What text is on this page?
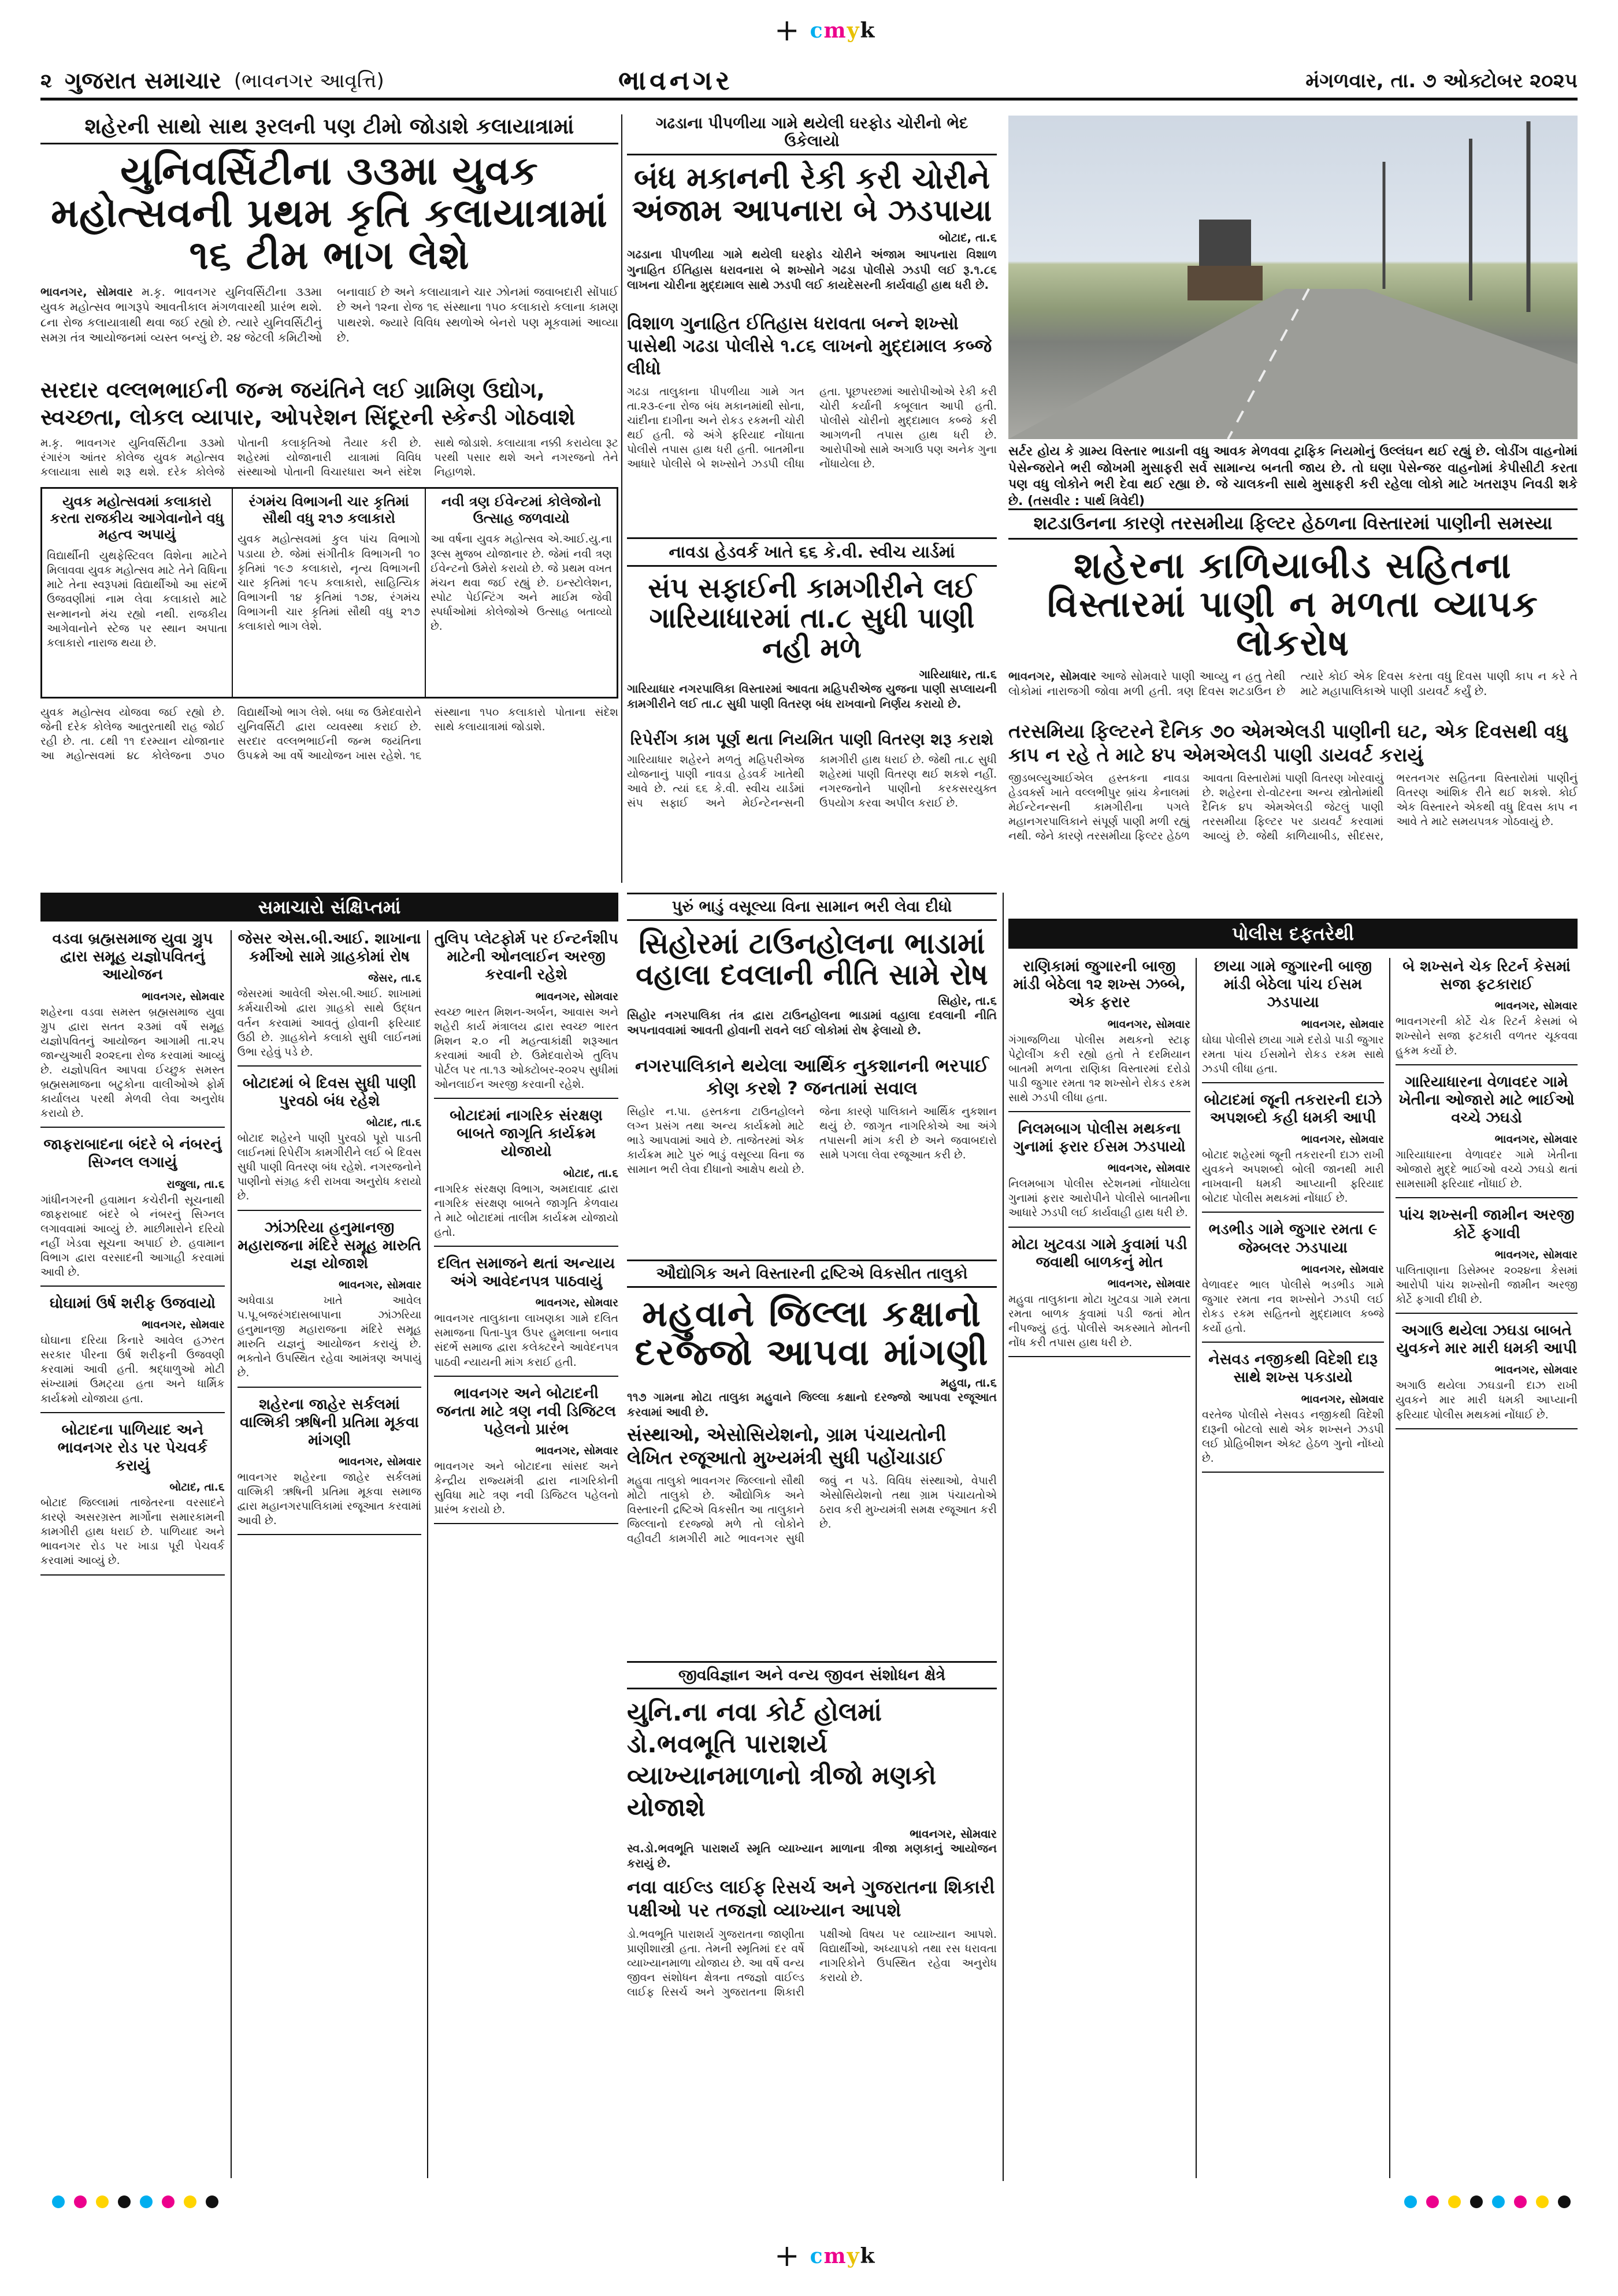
+ cmyk
૨ ગુજરાત સમાચાર (ભાવનગર આવૃત્તિ)	મંગળવાર, તા. ૭ ઓક્ટોબર ૨૦૨૫
ભાવનગર
શહેરની સાથો સાથ રૂરલની પણ ટીમો જોડાશે કલાયાત્રામાં
યુનિવર્સિટીના ૩૩મા યુવક મહોત્સવની પ્રથમ કૃતિ કલાયાત્રામાં ૧૬ ટીમ ભાગ લેશે
ભાવનગર, સોમવાર મ.કૃ. ભાવનગર યુનિવર્સિટીના ૩૩મા યુવક મહોત્સવ ભાગરૂપે આવતીકાલ મંગળવારથી પ્રારંભ થશે. ૮ના રોજ કલાયાત્રાથી થવા જઈ રહ્યો છે. ત્યારે યુનિવર્સિટીનું સમગ્ર તંત્ર આયોજનમાં વ્યસ્ત બન્યું છે. ૨૪ જેટલી કમિટીઓ બનાવાઈ છે અને કલાયાત્રાને ચાર ઝોનમાં જવાબદારી સોંપાઈ છે અને ૧૨ના રોજ ૧૬ સંસ્થાના ૧૫૦ કલાકારો કલાના કામણ પાથરશે. જ્યારે વિવિધ સ્થળોએ બેનરો પણ મૂકવામાં આવ્યા છે.
સરદાર વલ્લભભાઈની જન્મ જયંતિને લઈ ગ્રામિણ ઉદ્યોગ, સ્વચ્છતા, લોકલ વ્યાપાર, ઓપરેશન સિંદૂરની સ્કેન્ડી ગોઠવાશે
મ.કૃ. ભાવનગર યુનિવર્સિટીના ૩૩મો રંગારંગ આંતર કોલેજ યુવક મહોત્સવ કલાયાત્રા સાથે શરૂ થશે. દરેક કોલેજે પોતાની કલાકૃતિઓ તૈયાર કરી છે. શહેરમાં યોજાનારી યાત્રામાં વિવિધ સંસ્થાઓ પોતાની વિચારધારા અને સંદેશ સાથે જોડાશે. કલાયાત્રા નક્કી કરાયેલા રૂટ પરથી પસાર થશે અને નગરજનો તેને નિહાળશે.
યુવક મહોત્સવમાં કલાકારો કરતા રાજકીય આગેવાનોને વધુ મહત્વ અપાયું
વિદ્યાર્થીની યુથફેસ્ટિવલ વિશેના માટેને મિલાવવા યુવક મહોત્સવ માટે તેને વિધિના માટે તેના સ્વરૂપમાં વિદ્યાર્થીઓ આ સંદર્ભે ઉજવણીમાં નામ લેવા કલાકારો માટે સન્માનનો મંચ રહ્યો નથી. રાજકીય આગેવાનોને સ્ટેજ પર સ્થાન અપાતા કલાકારો નારાજ થયા છે.
રંગમંચ વિભાગની ચાર કૃતિમાં સૌથી વધુ ૨૧૭ કલાકારો
યુવક મહોત્સવમાં કુલ પાંચ વિભાગો પડાયા છે. જેમાં સંગીતીક વિભાગની ૧૦ કૃતિમાં ૧૯૭ કલાકારો, નૃત્ય વિભાગની ચાર કૃતિમાં ૧૯૫ કલાકારો, સાહિત્યિક વિભાગની ૧૪ કૃતિમાં ૧૭૪, રંગમંચ વિભાગની ચાર કૃતિમાં સૌથી વધુ ૨૧૭ કલાકારો ભાગ લેશે.
નવી ત્રણ ઈવેન્ટમાં કોલેજોનો ઉત્સાહ જળવાયો
આ વર્ષના યુવક મહોત્સવ એ.આઈ.યુ.ના રૂલ્સ મુજબ યોજાનાર છે. જેમાં નવી ત્રણ ઈવેન્ટનો ઉમેરો કરાયો છે. જે પ્રથમ વખત મંચન થવા જઈ રહ્યું છે. ઇન્સ્ટોલેશન, સ્પોટ પેઈન્ટિંગ અને માઈમ જેવી સ્પર્ધાઓમાં કોલેજોએ ઉત્સાહ બતાવ્યો છે.
યુવક મહોત્સવ યોજવા જઈ રહ્યો છે. જેની દરેક કોલેજ આતુરતાથી રાહ જોઈ રહી છે. તા. ૮થી ૧૧ દરમ્યાન યોજાનાર આ મહોત્સવમાં ૪૮ કોલેજના ૭૫૦ વિદ્યાર્થીઓ ભાગ લેશે. બધા જ ઉમેદવારોને યુનિવર્સિટી દ્વારા વ્યવસ્થા કરાઈ છે. સરદાર વલ્લભભાઈની જન્મ જયંતિના ઉપક્રમે આ વર્ષે આયોજન ખાસ રહેશે. ૧૬ સંસ્થાના ૧૫૦ કલાકારો પોતાના સંદેશ સાથે કલાયાત્રામાં જોડાશે.
ગઢડાના પીપળીયા ગામે થયેલી ઘરફોડ ચોરીનો ભેદ ઉકેલાયો
બંધ મકાનની રેકી કરી ચોરીને અંજામ આપનારા બે ઝડપાયા
બોટાદ, તા.૬
ગઢડાના પીપળીયા ગામે થયેલી ઘરફોડ ચોરીને અંજામ આપનારા વિશાળ ગુનાહિત ઈતિહાસ ધરાવનારા બે શખ્સોને ગઢડા પોલીસે ઝડપી લઈ રૂ.૧.૮૬ લાખના ચોરીના મુદ્દામાલ સાથે ઝડપી લઈ કાયદેસરની કાર્યવાહી હાથ ધરી છે.
વિશાળ ગુનાહિત ઈતિહાસ ધરાવતા બન્ને શખ્સો પાસેથી ગઢડા પોલીસે ૧.૮૬ લાખનો મુદ્દામાલ કબ્જે લીધો
ગઢડા તાલુકાના પીપળીયા ગામે ગત તા.૨૩-૯ના રોજ બંધ મકાનમાંથી સોના, ચાંદીના દાગીના અને રોકડ રકમની ચોરી થઈ હતી. જે અંગે ફરિયાદ નોંધાતા પોલીસે તપાસ હાથ ધરી હતી. બાતમીના આધારે પોલીસે બે શખ્સોને ઝડપી લીધા હતા. પૂછપરછમાં આરોપીઓએ રેકી કરી ચોરી કર્યાની કબૂલાત આપી હતી. પોલીસે ચોરીનો મુદ્દામાલ કબ્જે કરી આગળની તપાસ હાથ ધરી છે. આરોપીઓ સામે અગાઉ પણ અનેક ગુના નોંધાયેલા છે.
નાવડા હેડવર્ક ખાતે ૬૬ કે.વી. સ્વીચ યાર્ડમાં
સંપ સફાઈની કામગીરીને લઈ ગારિયાધારમાં તા.૮ સુધી પાણી નહી મળે
ગારિયાધાર, તા.૬
ગારિયાધાર નગરપાલિકા વિસ્તારમાં આવતા મહિપરીએજ યુજના પાણી સપ્લાયની કામગીરીને લઈ તા.૮ સુધી પાણી વિતરણ બંધ રાખવાનો નિર્ણય કરાયો છે.
રિપેરીંગ કામ પૂર્ણ થતા નિયમિત પાણી વિતરણ શરૂ કરાશે
ગારિયાધાર શહેરને મળતું મહિપરીએજ યોજનાનું પાણી નાવડા હેડવર્ક ખાતેથી આવે છે. ત્યાં ૬૬ કે.વી. સ્વીચ યાર્ડમાં સંપ સફાઈ અને મેઈન્ટેનન્સની કામગીરી હાથ ધરાઈ છે. જેથી તા.૮ સુધી શહેરમાં પાણી વિતરણ થઈ શકશે નહીં. નગરજનોને પાણીનો કરકસરયુક્ત ઉપયોગ કરવા અપીલ કરાઈ છે.
સર્ટર હોય કે ગ્રામ્ય વિસ્તાર ભાડાની વધુ આવક મેળવવા ટ્રાફિક નિયમોનું ઉલ્લંઘન થઈ રહ્યું છે. લોડીંગ વાહનોમાં પેસેન્જરોને ભરી જોખમી મુસાફરી સર્વ સામાન્ય બનતી જાય છે. તો ઘણા પેસેન્જર વાહનોમાં કેપીસીટી કરતા પણ વધુ લોકોને ભરી દેવા થઈ રહ્યા છે. જે ચાલકની સાથે મુસાફરી કરી રહેલા લોકો માટે ખતરારૂપ નિવડી શકે છે. (તસવીર : પાર્થ ત્રિવેદી)
શટડાઉનના કારણે તરસમીયા ફિલ્ટર હેઠળના વિસ્તારમાં પાણીની સમસ્યા
શહેરના કાળિયાબીડ સહિતના વિસ્તારમાં પાણી ન મળતા વ્યાપક લોકરોષ
ભાવનગર, સોમવાર આજે સોમવારે પાણી આવ્યુ ન હતુ તેથી લોકોમાં નારાજગી જોવા મળી હતી. ત્રણ દિવસ શટડાઉન છે ત્યારે કોઈ એક દિવસ કરતા વધુ દિવસ પાણી કાપ ન કરે તે માટે મહાપાલિકાએ પાણી ડાયવર્ટ કર્યું છે.
તરસમિયા ફિલ્ટરને દૈનિક ૭૦ એમએલડી પાણીની ઘટ, એક દિવસથી વધુ કાપ ન રહે તે માટે ૪૫ એમએલડી પાણી ડાયવર્ટ કરાયું
જીડબલ્યુઆઈએલ હસ્તકના નાવડા હેડવર્ક્સ ખાતે વલ્લભીપુર બ્રાંચ કેનાલમાં મેઈન્ટેનન્સની કામગીરીના પગલે મહાનગરપાલિકાને સંપૂર્ણ પાણી મળી રહ્યું નથી. જેને કારણે તરસમીયા ફિલ્ટર હેઠળ આવતા વિસ્તારોમાં પાણી વિતરણ ખોરવાયું છે. શહેરના રો-વોટરના અન્ય સ્ત્રોતોમાંથી દૈનિક ૪૫ એમએલડી જેટલું પાણી તરસમીયા ફિલ્ટર પર ડાયવર્ટ કરવામાં આવ્યું છે. જેથી કાળિયાબીડ, સીદસર, ભરતનગર સહિતના વિસ્તારોમાં પાણીનું વિતરણ આંશિક રીતે થઈ શકશે. કોઈ એક વિસ્તારને એકથી વધુ દિવસ કાપ ન આવે તે માટે સમયપત્રક ગોઠવાયું છે.
સમાચારો સંક્ષિપ્તમાં
વડવા બ્રહ્મસમાજ યુવા ગ્રુપ દ્વારા સમૂહ યજ્ઞોપવિતનું આયોજન
ભાવનગર, સોમવાર
શહેરના વડવા સમસ્ત બ્રહ્મસમાજ યુવા ગ્રુપ દ્વારા સતત ૨૩માં વર્ષે સમૂહ યજ્ઞોપવિતનું આયોજન આગામી તા.૨૫ જાન્યુઆરી ૨૦૨૬ના રોજ કરવામાં આવ્યું છે. યજ્ઞોપવિત આપવા ઈચ્છુક સમસ્ત બ્રહ્મસમાજના બટુકોના વાલીઓએ ફોર્મ કાર્યાલય પરથી મેળવી લેવા અનુરોધ કરાયો છે.
જાફરાબાદના બંદરે બે નંબરનું સિગ્નલ લગાયું
રાજુલા, તા.૬
ગાંધીનગરની હવામાન કચેરીની સૂચનાથી જાફરાબાદ બંદરે બે નંબરનું સિગ્નલ લગાવવામાં આવ્યું છે. માછીમારોને દરિયો નહીં ખેડવા સૂચના અપાઈ છે. હવામાન વિભાગ દ્વારા વરસાદની આગાહી કરવામાં આવી છે.
ઘોઘામાં ઉર્ષ શરીફ ઉજવાયો
ભાવનગર, સોમવાર
ઘોઘાના દરિયા કિનારે આવેલ હઝરત સરકાર પીરના ઉર્ષ શરીફની ઉજવણી કરવામાં આવી હતી. શ્રદ્ધાળુઓ મોટી સંખ્યામાં ઉમટ્યા હતા અને ધાર્મિક કાર્યક્રમો યોજાયા હતા.
બોટાદના પાળિયાદ અને ભાવનગર રોડ પર પેચવર્ક કરાયું
બોટાદ, તા.૬
બોટાદ જિલ્લામાં તાજેતરના વરસાદને કારણે અસરગ્રસ્ત માર્ગોના સમારકામની કામગીરી હાથ ધરાઈ છે. પાળિયાદ અને ભાવનગર રોડ પર ખાડા પૂરી પેચવર્ક કરવામાં આવ્યું છે.
જેસર એસ.બી.આઈ. શાખાના કર્મીઓ સામે ગ્રાહકોમાં રોષ
જેસર, તા.૬
જેસરમાં આવેલી એસ.બી.આઈ. શાખામાં કર્મચારીઓ દ્વારા ગ્રાહકો સાથે ઉદ્ધત વર્તન કરવામાં આવતું હોવાની ફરિયાદ ઉઠી છે. ગ્રાહકોને કલાકો સુધી લાઈનમાં ઉભા રહેવું પડે છે.
બોટાદમાં બે દિવસ સુધી પાણી પુરવઠો બંધ રહેશે
બોટાદ, તા.૬
બોટાદ શહેરને પાણી પુરવઠો પૂરો પાડતી લાઈનમાં રિપેરીંગ કામગીરીને લઈ બે દિવસ સુધી પાણી વિતરણ બંધ રહેશે. નગરજનોને પાણીનો સંગ્રહ કરી રાખવા અનુરોધ કરાયો છે.
ઝાંઝરિયા હનુમાનજી મહારાજના મંદિરે સમૂહ મારુતિ યજ્ઞ યોજાશે
ભાવનગર, સોમવાર
અધેવાડા ખાતે આવેલ પ.પૂ.બજરંગદાસબાપાના ઝાંઝરિયા હનુમાનજી મહારાજના મંદિરે સમૂહ મારુતિ યજ્ઞનું આયોજન કરાયું છે. ભક્તોને ઉપસ્થિત રહેવા આમંત્રણ અપાયું છે.
શહેરના જાહેર સર્કલમાં વાલ્મિકી ઋષિની પ્રતિમા મૂકવા માંગણી
ભાવનગર, સોમવાર
ભાવનગર શહેરના જાહેર સર્કલમાં વાલ્મિકી ઋષિની પ્રતિમા મૂકવા સમાજ દ્વારા મહાનગરપાલિકામાં રજૂઆત કરવામાં આવી છે.
તુલિપ પ્લેટફોર્મ પર ઈન્ટર્નશીપ માટેની ઓનલાઈન અરજી કરવાની રહેશે
ભાવનગર, સોમવાર
સ્વચ્છ ભારત મિશન-અર્બન, આવાસ અને શહેરી કાર્ય મંત્રાલય દ્વારા સ્વચ્છ ભારત મિશન ૨.૦ ની મહત્વાકાંક્ષી શરૂઆત કરવામાં આવી છે. ઉમેદવારોએ તુલિપ પોર્ટલ પર તા.૧૩ ઓક્ટોબર-૨૦૨૫ સુધીમાં ઓનલાઈન અરજી કરવાની રહેશે.
બોટાદમાં નાગરિક સંરક્ષણ બાબતે જાગૃતિ કાર્યક્રમ યોજાયો
બોટાદ, તા.૬
નાગરિક સંરક્ષણ વિભાગ, અમદાવાદ દ્વારા નાગરિક સંરક્ષણ બાબતે જાગૃતિ કેળવાય તે માટે બોટાદમાં તાલીમ કાર્યક્રમ યોજાયો હતો.
દલિત સમાજને થતાં અન્યાય અંગે આવેદનપત્ર પાઠવાયું
ભાવનગર, સોમવાર
ભાવનગર તાલુકાના લાખણકા ગામે દલિત સમાજના પિતા-પુત્ર ઉપર હુમલાના બનાવ સંદર્ભે સમાજ દ્વારા કલેક્ટરને આવેદનપત્ર પાઠવી ન્યાયની માંગ કરાઈ હતી.
ભાવનગર અને બોટાદની જનતા માટે ત્રણ નવી ડિજિટલ પહેલનો પ્રારંભ
ભાવનગર, સોમવાર
ભાવનગર અને બોટાદના સાંસદ અને કેન્દ્રીય રાજ્યમંત્રી દ્વારા નાગરિકોની સુવિધા માટે ત્રણ નવી ડિજિટલ પહેલનો પ્રારંભ કરાયો છે.
પુરું ભાડું વસૂલ્યા વિના સામાન ભરી લેવા દીધો
સિહોરમાં ટાઉનહોલના ભાડામાં વહાલા દવલાની નીતિ સામે રોષ
સિહોર, તા.૬
સિહોર નગરપાલિકા તંત્ર દ્વારા ટાઉનહોલના ભાડામાં વહાલા દવલાની નીતિ અપનાવવામાં આવતી હોવાની રાવને લઈ લોકોમાં રોષ ફેલાયો છે.
નગરપાલિકાને થયેલા આર્થિક નુકશાનની ભરપાઈ કોણ કરશે ? જનતામાં સવાલ
સિહોર ન.પા. હસ્તકના ટાઉનહોલને લગ્ન પ્રસંગ તથા અન્ય કાર્યક્રમો માટે ભાડે આપવામાં આવે છે. તાજેતરમાં એક કાર્યક્રમ માટે પુરું ભાડું વસૂલ્યા વિના જ સામાન ભરી લેવા દીધાનો આક્ષેપ થયો છે. જેના કારણે પાલિકાને આર્થિક નુકશાન થયું છે. જાગૃત નાગરિકોએ આ અંગે તપાસની માંગ કરી છે અને જવાબદારો સામે પગલા લેવા રજૂઆત કરી છે.
ઔદ્યોગિક અને વિસ્તારની દ્રષ્ટિએ વિકસીત તાલુકો
મહુવાને જિલ્લા કક્ષાનો દરજ્જો આપવા માંગણી
મહુવા, તા.૬
૧૧૭ ગામના મોટા તાલુકા મહુવાને જિલ્લા કક્ષાનો દરજ્જો આપવા રજૂઆત કરવામાં આવી છે.
સંસ્થાઓ, એસોસિયેશનો, ગ્રામ પંચાયતોની લેખિત રજૂઆતો મુખ્યમંત્રી સુધી પહોંચાડાઈ
મહુવા તાલુકો ભાવનગર જિલ્લાનો સૌથી મોટો તાલુકો છે. ઔદ્યોગિક અને વિસ્તારની દ્રષ્ટિએ વિકસીત આ તાલુકાને જિલ્લાનો દરજ્જો મળે તો લોકોને વહીવટી કામગીરી માટે ભાવનગર સુધી જવું ન પડે. વિવિધ સંસ્થાઓ, વેપારી એસોસિયેશનો તથા ગ્રામ પંચાયતોએ ઠરાવ કરી મુખ્યમંત્રી સમક્ષ રજૂઆત કરી છે.
જીવવિજ્ઞાન અને વન્ય જીવન સંશોધન ક્ષેત્રે
યુનિ.ના નવા કોર્ટ હોલમાં ડો.ભવભૂતિ પારાશર્ય વ્યાખ્યાનમાળાનો ત્રીજો મણકો યોજાશે
ભાવનગર, સોમવાર
સ્વ.ડો.ભવભૂતિ પારાશર્ય સ્મૃતિ વ્યાખ્યાન માળાના ત્રીજા મણકાનું આયોજન કરાયું છે.
નવા વાઈલ્ડ લાઈફ રિસર્ચ અને ગુજરાતના શિકારી પક્ષીઓ પર તજજ્ઞો વ્યાખ્યાન આપશે
ડો.ભવભૂતિ પારાશર્ય ગુજરાતના જાણીતા પ્રાણીશાસ્ત્રી હતા. તેમની સ્મૃતિમાં દર વર્ષે વ્યાખ્યાનમાળા યોજાય છે. આ વર્ષે વન્ય જીવન સંશોધન ક્ષેત્રના તજજ્ઞો વાઈલ્ડ લાઈફ રિસર્ચ અને ગુજરાતના શિકારી પક્ષીઓ વિષય પર વ્યાખ્યાન આપશે. વિદ્યાર્થીઓ, અધ્યાપકો તથા રસ ધરાવતા નાગરિકોને ઉપસ્થિત રહેવા અનુરોધ કરાયો છે.
પોલીસ દફતરેથી
રાણિકામાં જુગારની બાજી માંડી બેઠેલા ૧૨ શખ્સ ઝબ્બે, એક ફરાર
ભાવનગર, સોમવાર
ગંગાજળિયા પોલીસ મથકનો સ્ટાફ પેટ્રોલીંગ કરી રહ્યો હતો તે દરમિયાન બાતમી મળતા રાણિકા વિસ્તારમાં દરોડો પાડી જુગાર રમતા ૧૨ શખ્સોને રોકડ રકમ સાથે ઝડપી લીધા હતા.
નિલમબાગ પોલીસ મથકના ગુનામાં ફરાર ઈસમ ઝડપાયો
ભાવનગર, સોમવાર
નિલમબાગ પોલીસ સ્ટેશનમાં નોંધાયેલા ગુનામાં ફરાર આરોપીને પોલીસે બાતમીના આધારે ઝડપી લઈ કાર્યવાહી હાથ ધરી છે.
મોટા ખુટવડા ગામે કુવામાં પડી જવાથી બાળકનું મોત
ભાવનગર, સોમવાર
મહુવા તાલુકાના મોટા ખુટવડા ગામે રમતા રમતા બાળક કુવામાં પડી જતાં મોત નીપજ્યું હતું. પોલીસે અકસ્માતે મોતની નોંધ કરી તપાસ હાથ ધરી છે.
છાયા ગામે જુગારની બાજી માંડી બેઠેલા પાંચ ઈસમ ઝડપાયા
ભાવનગર, સોમવાર
ઘોઘા પોલીસે છાયા ગામે દરોડો પાડી જુગાર રમતા પાંચ ઈસમોને રોકડ રકમ સાથે ઝડપી લીધા હતા.
બોટાદમાં જૂની તકરારની દાઝે અપશબ્દો કહી ધમકી આપી
ભાવનગર, સોમવાર
બોટાદ શહેરમાં જૂની તકરારની દાઝ રાખી યુવકને અપશબ્દો બોલી જાનથી મારી નાખવાની ધમકી આપ્યાની ફરિયાદ બોટાદ પોલીસ મથકમાં નોંધાઈ છે.
ભડભીડ ગામે જુગાર રમતા ૯ જેમ્બલર ઝડપાયા
ભાવનગર, સોમવાર
વેળાવદર ભાલ પોલીસે ભડભીડ ગામે જુગાર રમતા નવ શખ્સોને ઝડપી લઈ રોકડ રકમ સહિતનો મુદ્દામાલ કબ્જે કર્યો હતો.
નેસવડ નજીકથી વિદેશી દારૂ સાથે શખ્સ પકડાયો
ભાવનગર, સોમવાર
વરતેજ પોલીસે નેસવડ નજીકથી વિદેશી દારૂની બોટલો સાથે એક શખ્સને ઝડપી લઈ પ્રોહિબીશન એક્ટ હેઠળ ગુનો નોંધ્યો છે.
બે શખ્સને ચેક રિટર્ન કેસમાં સજા ફટકારાઈ
ભાવનગર, સોમવાર
ભાવનગરની કોર્ટે ચેક રિટર્ન કેસમાં બે શખ્સોને સજા ફટકારી વળતર ચૂકવવા હુકમ કર્યો છે.
ગારિયાધારના વેળાવદર ગામે ખેતીના ઓજારો માટે ભાઈઓ વચ્ચે ઝઘડો
ભાવનગર, સોમવાર
ગારિયાધારના વેળાવદર ગામે ખેતીના ઓજારો મુદ્દે ભાઈઓ વચ્ચે ઝઘડો થતાં સામસામી ફરિયાદ નોંધાઈ છે.
પાંચ શખ્સની જામીન અરજી કોર્ટે ફગાવી
ભાવનગર, સોમવાર
પાલિતાણાના ડિસેમ્બર ૨૦૨૪ના કેસમાં આરોપી પાંચ શખ્સોની જામીન અરજી કોર્ટે ફગાવી દીધી છે.
અગાઉ થયેલા ઝઘડા બાબતે યુવકને માર મારી ધમકી આપી
ભાવનગર, સોમવાર
અગાઉ થયેલા ઝઘડાની દાઝ રાખી યુવકને માર મારી ધમકી આપ્યાની ફરિયાદ પોલીસ મથકમાં નોંધાઈ છે.
+ cmyk
